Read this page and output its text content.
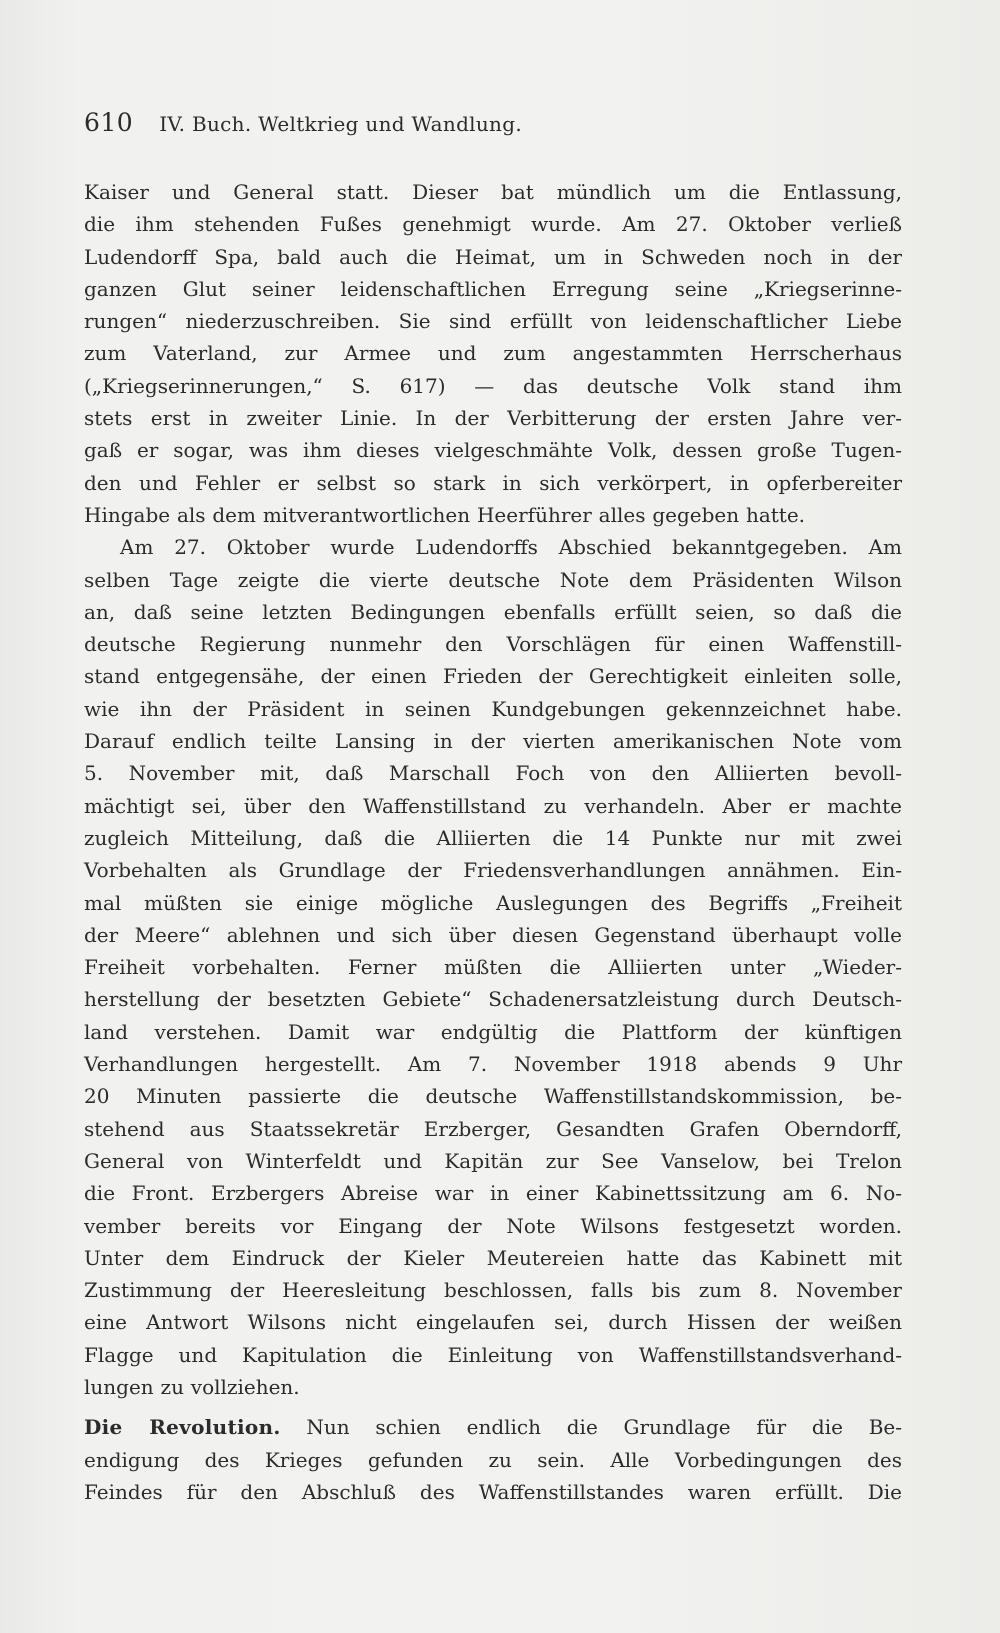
610 IV. Buch. Weltkrieg und Wandlung.
Kaiser und General statt. Dieser bat mündlich um die Entlassung,
die ihm stehenden Fußes genehmigt wurde. Am 27. Oktober verließ
Ludendorff Spa, bald auch die Heimat, um in Schweden noch in der
ganzen Glut seiner leidenschaftlichen Erregung seine „Kriegserinne-
rungen“ niederzuschreiben. Sie sind erfüllt von leidenschaftlicher Liebe
zum Vaterland, zur Armee und zum angestammten Herrscherhaus
(„Kriegserinnerungen,“ S. 617) — das deutsche Volk stand ihm
stets erst in zweiter Linie. In der Verbitterung der ersten Jahre ver-
gaß er sogar, was ihm dieses vielgeschmähte Volk, dessen große Tugen-
den und Fehler er selbst so stark in sich verkörpert, in opferbereiter
Hingabe als dem mitverantwortlichen Heerführer alles gegeben hatte.
Am 27. Oktober wurde Ludendorffs Abschied bekanntgegeben. Am
selben Tage zeigte die vierte deutsche Note dem Präsidenten Wilson
an, daß seine letzten Bedingungen ebenfalls erfüllt seien, so daß die
deutsche Regierung nunmehr den Vorschlägen für einen Waffenstill-
stand entgegensähe, der einen Frieden der Gerechtigkeit einleiten solle,
wie ihn der Präsident in seinen Kundgebungen gekennzeichnet habe.
Darauf endlich teilte Lansing in der vierten amerikanischen Note vom
5. November mit, daß Marschall Foch von den Alliierten bevoll-
mächtigt sei, über den Waffenstillstand zu verhandeln. Aber er machte
zugleich Mitteilung, daß die Alliierten die 14 Punkte nur mit zwei
Vorbehalten als Grundlage der Friedensverhandlungen annähmen. Ein-
mal müßten sie einige mögliche Auslegungen des Begriffs „Freiheit
der Meere“ ablehnen und sich über diesen Gegenstand überhaupt volle
Freiheit vorbehalten. Ferner müßten die Alliierten unter „Wieder-
herstellung der besetzten Gebiete“ Schadenersatzleistung durch Deutsch-
land verstehen. Damit war endgültig die Plattform der künftigen
Verhandlungen hergestellt. Am 7. November 1918 abends 9 Uhr
20 Minuten passierte die deutsche Waffenstillstandskommission, be-
stehend aus Staatssekretär Erzberger, Gesandten Grafen Oberndorff,
General von Winterfeldt und Kapitän zur See Vanselow, bei Trelon
die Front. Erzbergers Abreise war in einer Kabinettssitzung am 6. No-
vember bereits vor Eingang der Note Wilsons festgesetzt worden.
Unter dem Eindruck der Kieler Meutereien hatte das Kabinett mit
Zustimmung der Heeresleitung beschlossen, falls bis zum 8. November
eine Antwort Wilsons nicht eingelaufen sei, durch Hissen der weißen
Flagge und Kapitulation die Einleitung von Waffenstillstandsverhand-
lungen zu vollziehen.
Die Revolution. Nun schien endlich die Grundlage für die Be-
endigung des Krieges gefunden zu sein. Alle Vorbedingungen des
Feindes für den Abschluß des Waffenstillstandes waren erfüllt. Die
